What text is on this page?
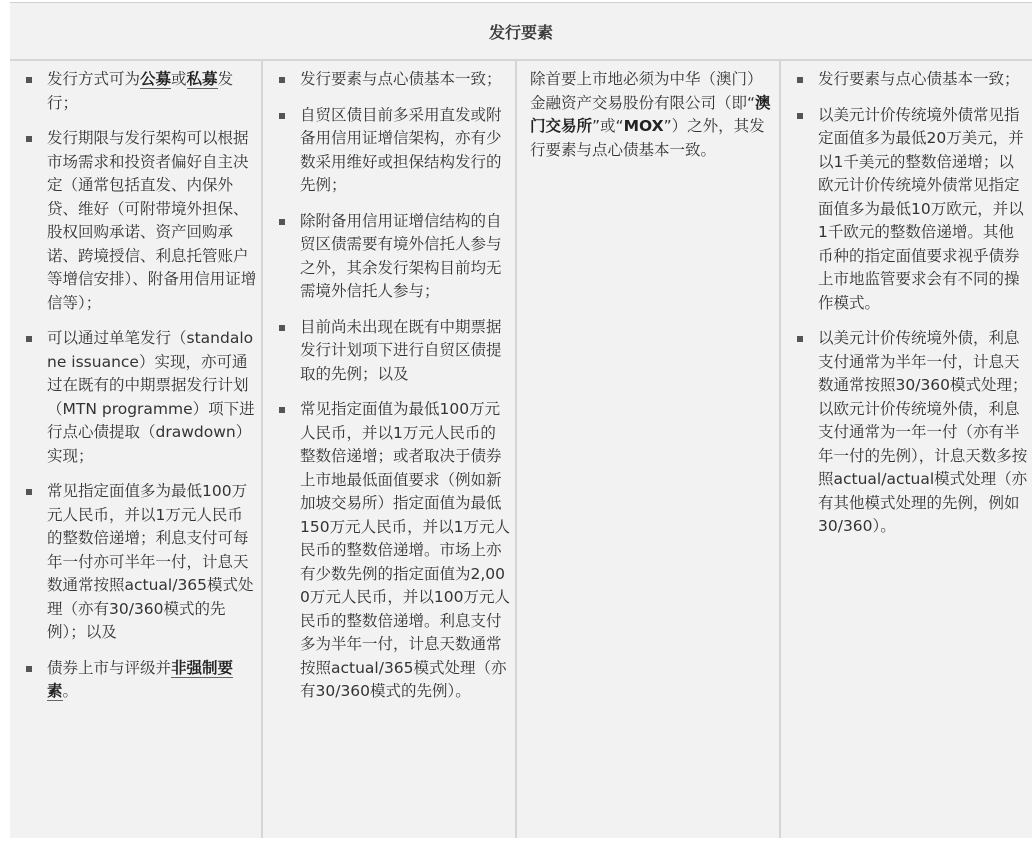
发行要素
发行方式可为公募或私募发行；
发行期限与发行架构可以根据市场需求和投资者偏好自主决定（通常包括直发、内保外贷、维好（可附带境外担保、股权回购承诺、资产回购承诺、跨境授信、利息托管账户等增信安排）、附备用信用证增信等）；
可以通过单笔发行（standalone issuance）实现，亦可通过在既有的中期票据发行计划（MTN programme）项下进行点心债提取（drawdown）实现；
常见指定面值多为最低100万元人民币，并以1万元人民币的整数倍递增；利息支付可每年一付亦可半年一付，计息天数通常按照actual/365模式处理（亦有30/360模式的先例）；以及
债券上市与评级并非强制要素。
发行要素与点心债基本一致；
自贸区债目前多采用直发或附备用信用证增信架构，亦有少数采用维好或担保结构发行的先例；
除附备用信用证增信结构的自贸区债需要有境外信托人参与之外，其余发行架构目前均无需境外信托人参与；
目前尚未出现在既有中期票据发行计划项下进行自贸区债提取的先例；以及
常见指定面值为最低100万元人民币，并以1万元人民币的整数倍递增；或者取决于债券上市地最低面值要求（例如新加坡交易所）指定面值为最低150万元人民币，并以1万元人民币的整数倍递增。市场上亦有少数先例的指定面值为2,000万元人民币，并以100万元人民币的整数倍递增。利息支付多为半年一付，计息天数通常按照actual/365模式处理（亦有30/360模式的先例）。
除首要上市地必须为中华（澳门）金融资产交易股份有限公司（即“澳门交易所”或“MOX”）之外，其发行要素与点心债基本一致。
发行要素与点心债基本一致；
以美元计价传统境外债常见指定面值多为最低20万美元，并以1千美元的整数倍递增；以欧元计价传统境外债常见指定面值多为最低10万欧元，并以1千欧元的整数倍递增。其他币种的指定面值要求视乎债券上市地监管要求会有不同的操作模式。
以美元计价传统境外债，利息支付通常为半年一付，计息天数通常按照30/360模式处理；以欧元计价传统境外债，利息支付通常为一年一付（亦有半年一付的先例），计息天数多按照actual/actual模式处理（亦有其他模式处理的先例，例如30/360）。
